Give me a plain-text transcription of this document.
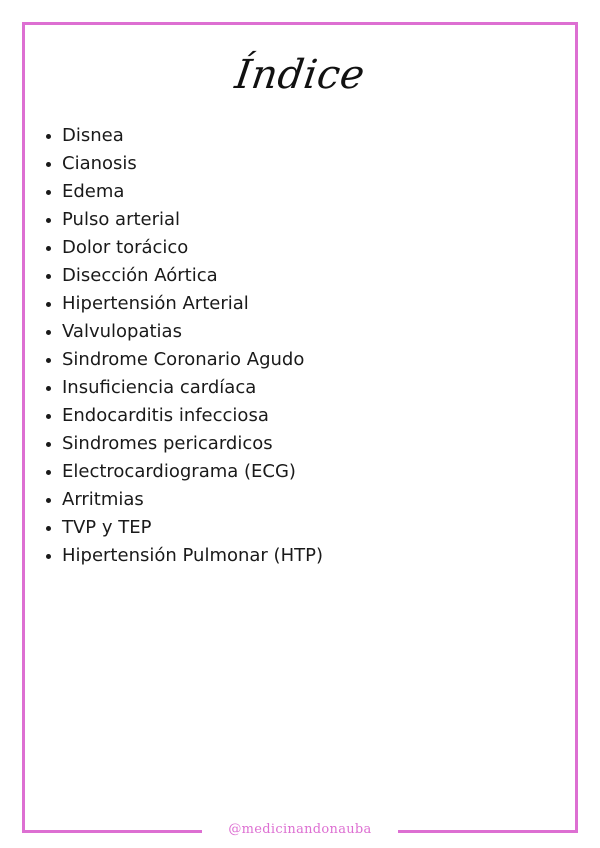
Índice
Disnea
Cianosis
Edema
Pulso arterial
Dolor torácico
Disección Aórtica
Hipertensión Arterial
Valvulopatias
Sindrome Coronario Agudo
Insuficiencia cardíaca
Endocarditis infecciosa
Sindromes pericardicos
Electrocardiograma (ECG)
Arritmias
TVP y TEP
Hipertensión Pulmonar (HTP)
@medicinandonauba
